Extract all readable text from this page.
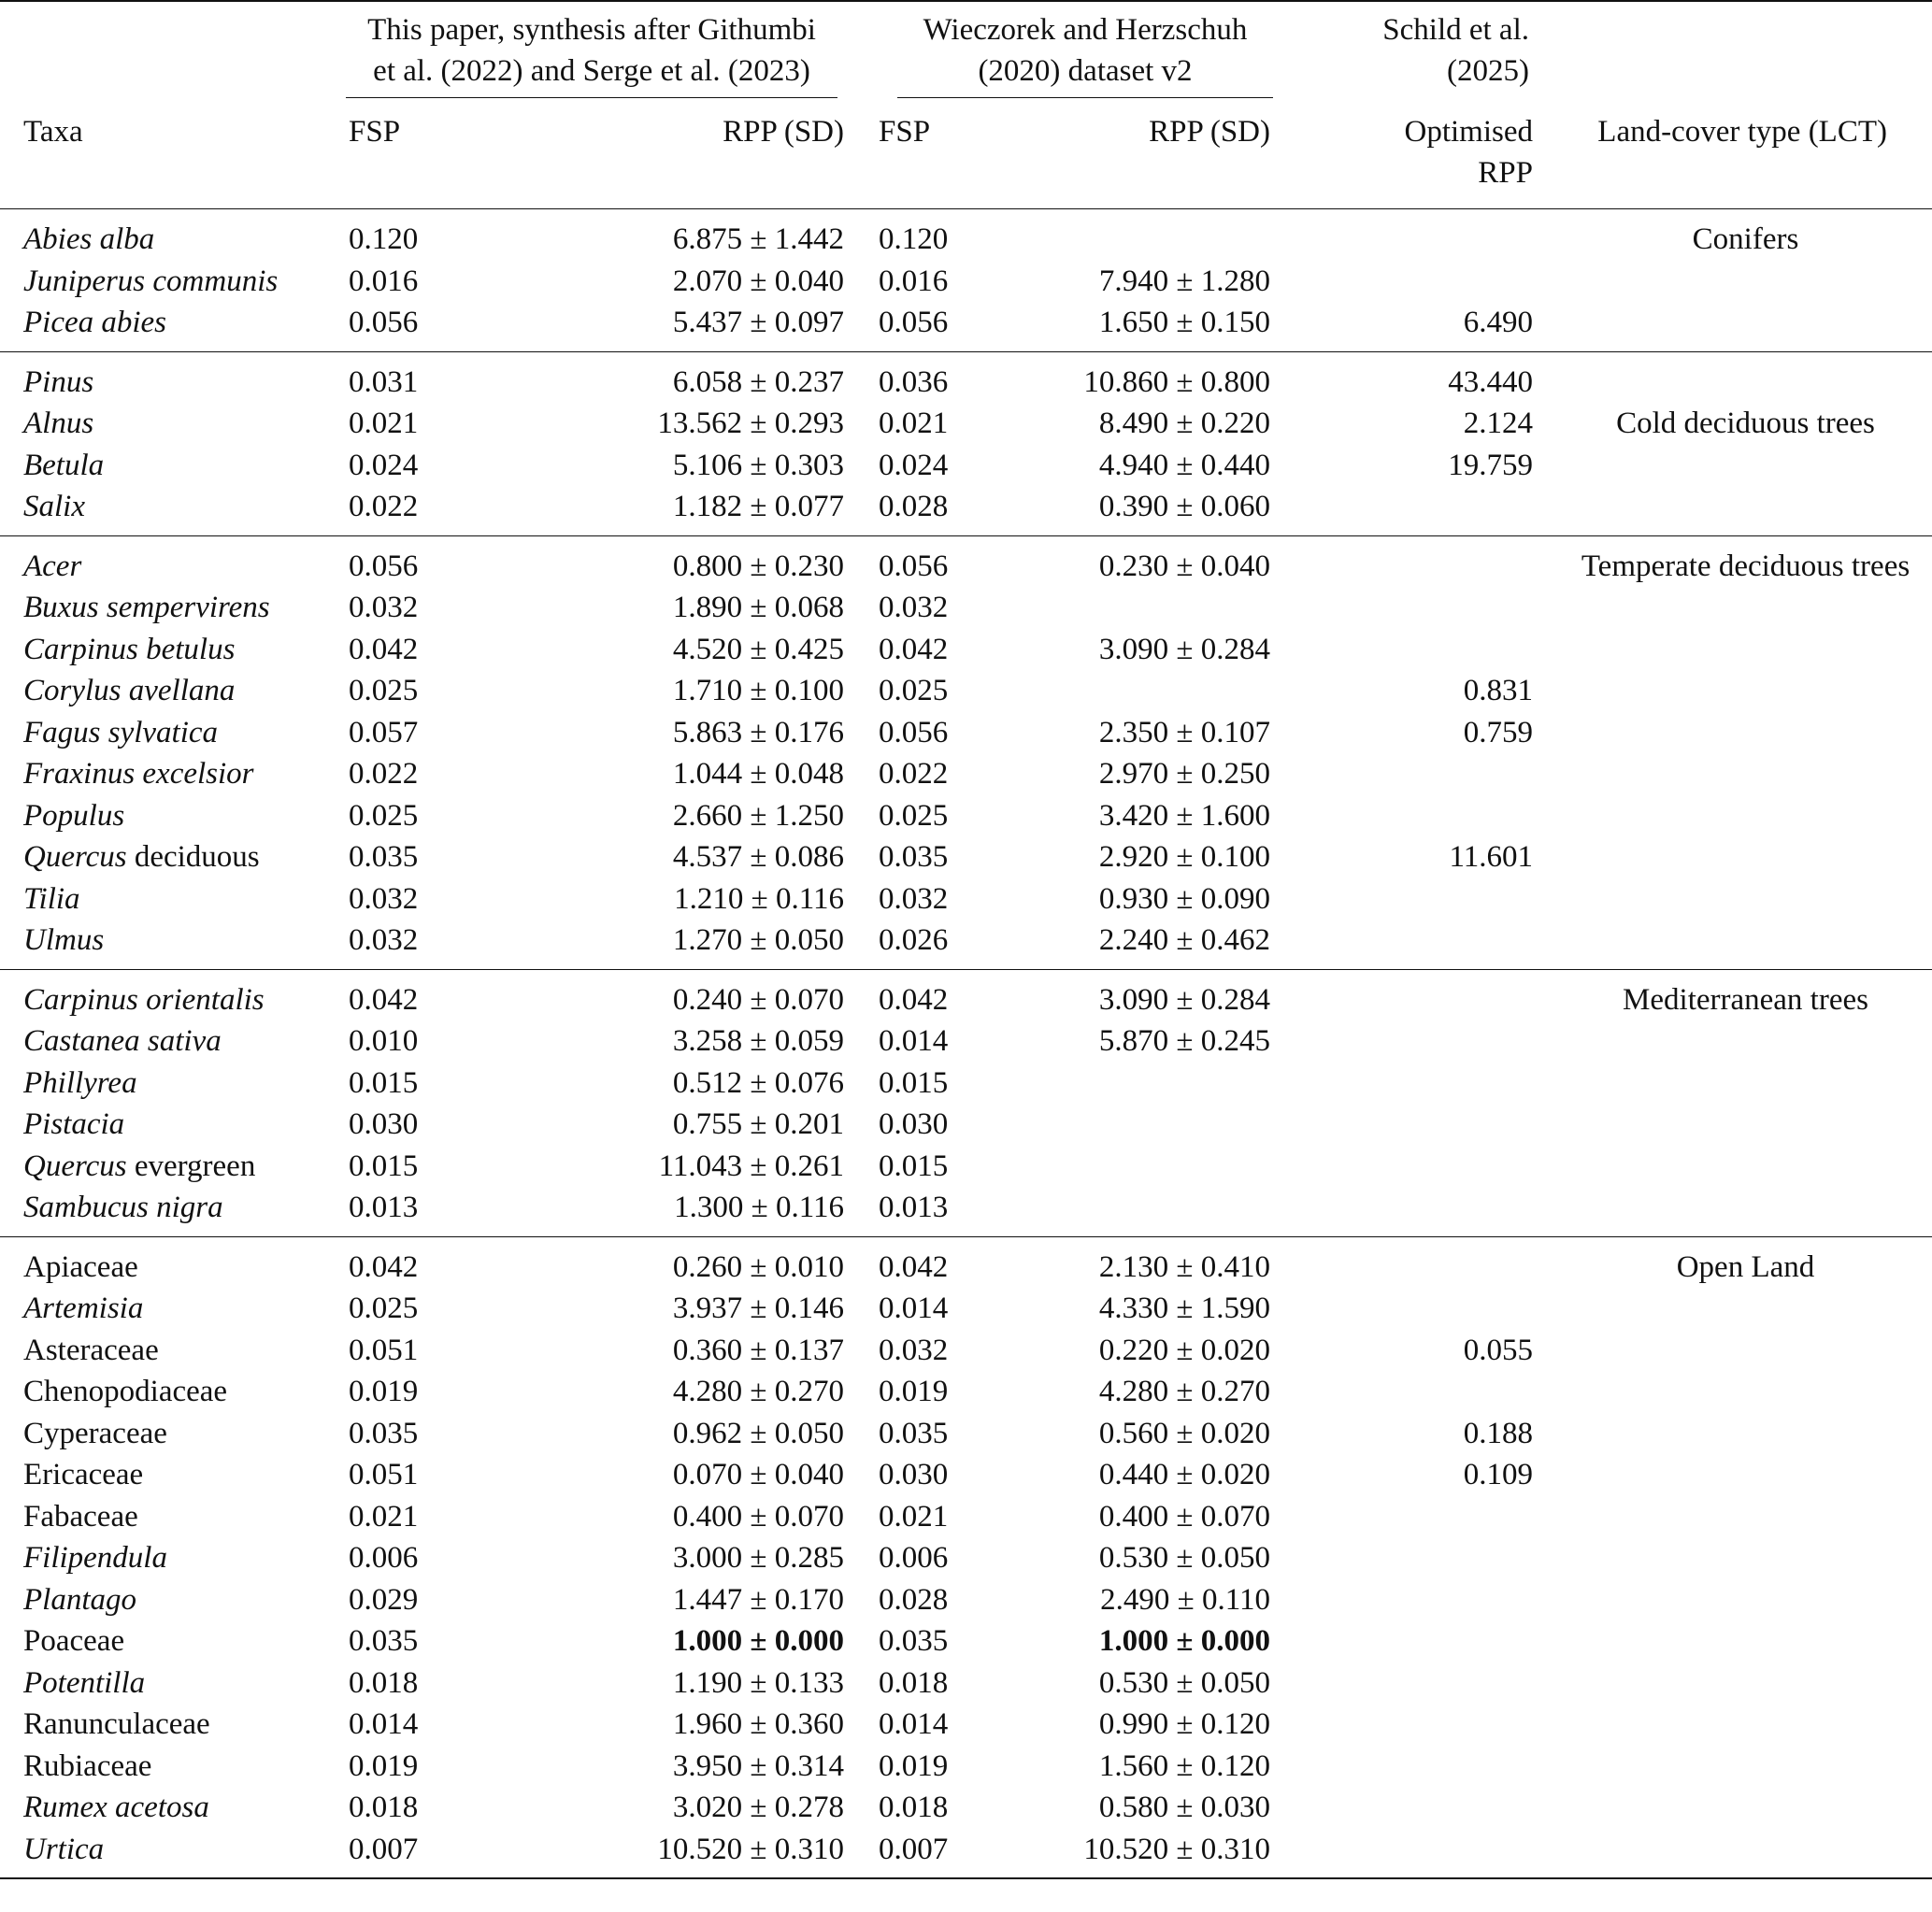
	This paper, synthesis after Githumbi
et al. (2022) and Serge et al. (2023)		Wieczorek and Herzschuh
(2020) dataset v2		Schild et al.
(2025)	
Taxa	FSP	RPP (SD)	FSP	RPP (SD)	Optimised
RPP	Land-cover type (LCT)

Abies alba	0.120	6.875 ± 1.442	0.120			Conifers
Juniperus communis	0.016	2.070 ± 0.040	0.016	7.940 ± 1.280		
Picea abies	0.056	5.437 ± 0.097	0.056	1.650 ± 0.150	6.490	

Pinus	0.031	6.058 ± 0.237	0.036	10.860 ± 0.800	43.440	
Alnus	0.021	13.562 ± 0.293	0.021	8.490 ± 0.220	2.124	Cold deciduous trees
Betula	0.024	5.106 ± 0.303	0.024	4.940 ± 0.440	19.759	
Salix	0.022	1.182 ± 0.077	0.028	0.390 ± 0.060		

Acer	0.056	0.800 ± 0.230	0.056	0.230 ± 0.040		Temperate deciduous trees
Buxus sempervirens	0.032	1.890 ± 0.068	0.032			
Carpinus betulus	0.042	4.520 ± 0.425	0.042	3.090 ± 0.284		
Corylus avellana	0.025	1.710 ± 0.100	0.025		0.831	
Fagus sylvatica	0.057	5.863 ± 0.176	0.056	2.350 ± 0.107	0.759	
Fraxinus excelsior	0.022	1.044 ± 0.048	0.022	2.970 ± 0.250		
Populus	0.025	2.660 ± 1.250	0.025	3.420 ± 1.600		
Quercus deciduous	0.035	4.537 ± 0.086	0.035	2.920 ± 0.100	11.601	
Tilia	0.032	1.210 ± 0.116	0.032	0.930 ± 0.090		
Ulmus	0.032	1.270 ± 0.050	0.026	2.240 ± 0.462		

Carpinus orientalis	0.042	0.240 ± 0.070	0.042	3.090 ± 0.284		Mediterranean trees
Castanea sativa	0.010	3.258 ± 0.059	0.014	5.870 ± 0.245		
Phillyrea	0.015	0.512 ± 0.076	0.015			
Pistacia	0.030	0.755 ± 0.201	0.030			
Quercus evergreen	0.015	11.043 ± 0.261	0.015			
Sambucus nigra	0.013	1.300 ± 0.116	0.013			

Apiaceae	0.042	0.260 ± 0.010	0.042	2.130 ± 0.410		Open Land
Artemisia	0.025	3.937 ± 0.146	0.014	4.330 ± 1.590		
Asteraceae	0.051	0.360 ± 0.137	0.032	0.220 ± 0.020	0.055	
Chenopodiaceae	0.019	4.280 ± 0.270	0.019	4.280 ± 0.270		
Cyperaceae	0.035	0.962 ± 0.050	0.035	0.560 ± 0.020	0.188	
Ericaceae	0.051	0.070 ± 0.040	0.030	0.440 ± 0.020	0.109	
Fabaceae	0.021	0.400 ± 0.070	0.021	0.400 ± 0.070		
Filipendula	0.006	3.000 ± 0.285	0.006	0.530 ± 0.050		
Plantago	0.029	1.447 ± 0.170	0.028	2.490 ± 0.110		
Poaceae	0.035	1.000 ± 0.000	0.035	1.000 ± 0.000		
Potentilla	0.018	1.190 ± 0.133	0.018	0.530 ± 0.050		
Ranunculaceae	0.014	1.960 ± 0.360	0.014	0.990 ± 0.120		
Rubiaceae	0.019	3.950 ± 0.314	0.019	1.560 ± 0.120		
Rumex acetosa	0.018	3.020 ± 0.278	0.018	0.580 ± 0.030		
Urtica	0.007	10.520 ± 0.310	0.007	10.520 ± 0.310		
